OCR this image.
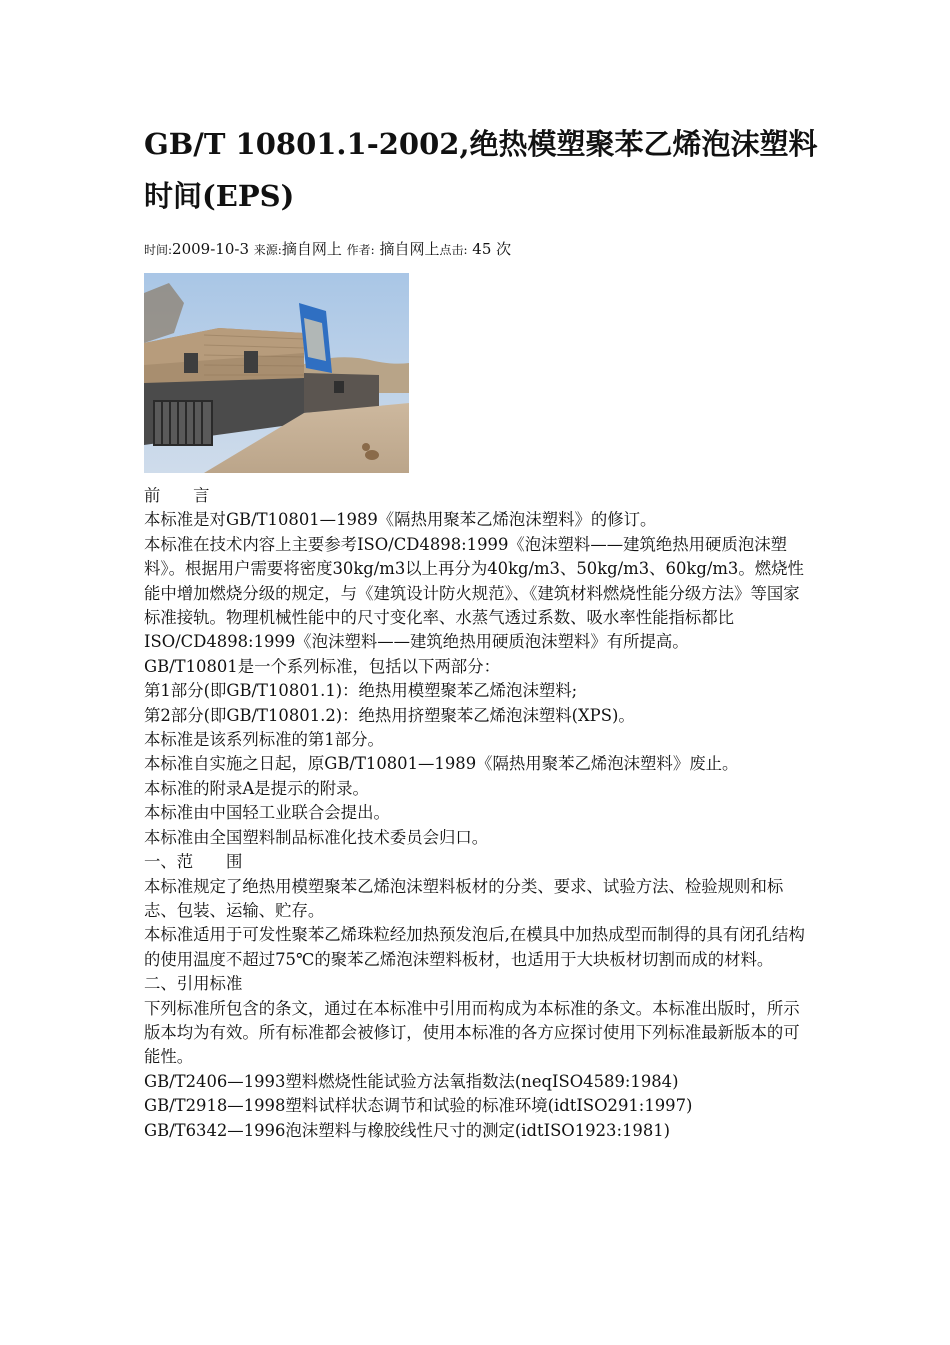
GB/T 10801.1-2002,绝热模塑聚苯乙烯泡沫塑料时间(EPS)
时间:2009-10-3 来源:摘自网上 作者: 摘自网上点击: 45 次

前　　言

本标准是对GB/T10801—1989《隔热用聚苯乙烯泡沫塑料》的修订。

本标准在技术内容上主要参考ISO/CD4898:1999《泡沫塑料——建筑绝热用硬质泡沫塑料》。根据用户需要将密度30kg/m3以上再分为40kg/m3、50kg/m3、60kg/m3。燃烧性能中增加燃烧分级的规定，与《建筑设计防火规范》、《建筑材料燃烧性能分级方法》等国家标准接轨。物理机械性能中的尺寸变化率、水蒸气透过系数、吸水率性能指标都比ISO/CD4898:1999《泡沫塑料——建筑绝热用硬质泡沫塑料》有所提高。

GB/T10801是一个系列标准，包括以下两部分：

第1部分(即GB/T10801.1)：绝热用模塑聚苯乙烯泡沫塑料;

第2部分(即GB/T10801.2)：绝热用挤塑聚苯乙烯泡沫塑料(XPS)。

本标准是该系列标准的第1部分。

本标准自实施之日起，原GB/T10801—1989《隔热用聚苯乙烯泡沫塑料》废止。

本标准的附录A是提示的附录。

本标准由中国轻工业联合会提出。

本标准由全国塑料制品标准化技术委员会归口。

一、范　　围

本标准规定了绝热用模塑聚苯乙烯泡沫塑料板材的分类、要求、试验方法、检验规则和标志、包装、运输、贮存。

本标准适用于可发性聚苯乙烯珠粒经加热预发泡后,在模具中加热成型而制得的具有闭孔结构的使用温度不超过75℃的聚苯乙烯泡沫塑料板材，也适用于大块板材切割而成的材料。

二、引用标准

下列标准所包含的条文，通过在本标准中引用而构成为本标准的条文。本标准出版时，所示版本均为有效。所有标准都会被修订，使用本标准的各方应探讨使用下列标准最新版本的可能性。

GB/T2406—1993塑料燃烧性能试验方法氧指数法(neqISO4589:1984)

GB/T2918—1998塑料试样状态调节和试验的标准环境(idtISO291:1997)

GB/T6342—1996泡沫塑料与橡胶线性尺寸的测定(idtISO1923:1981)
